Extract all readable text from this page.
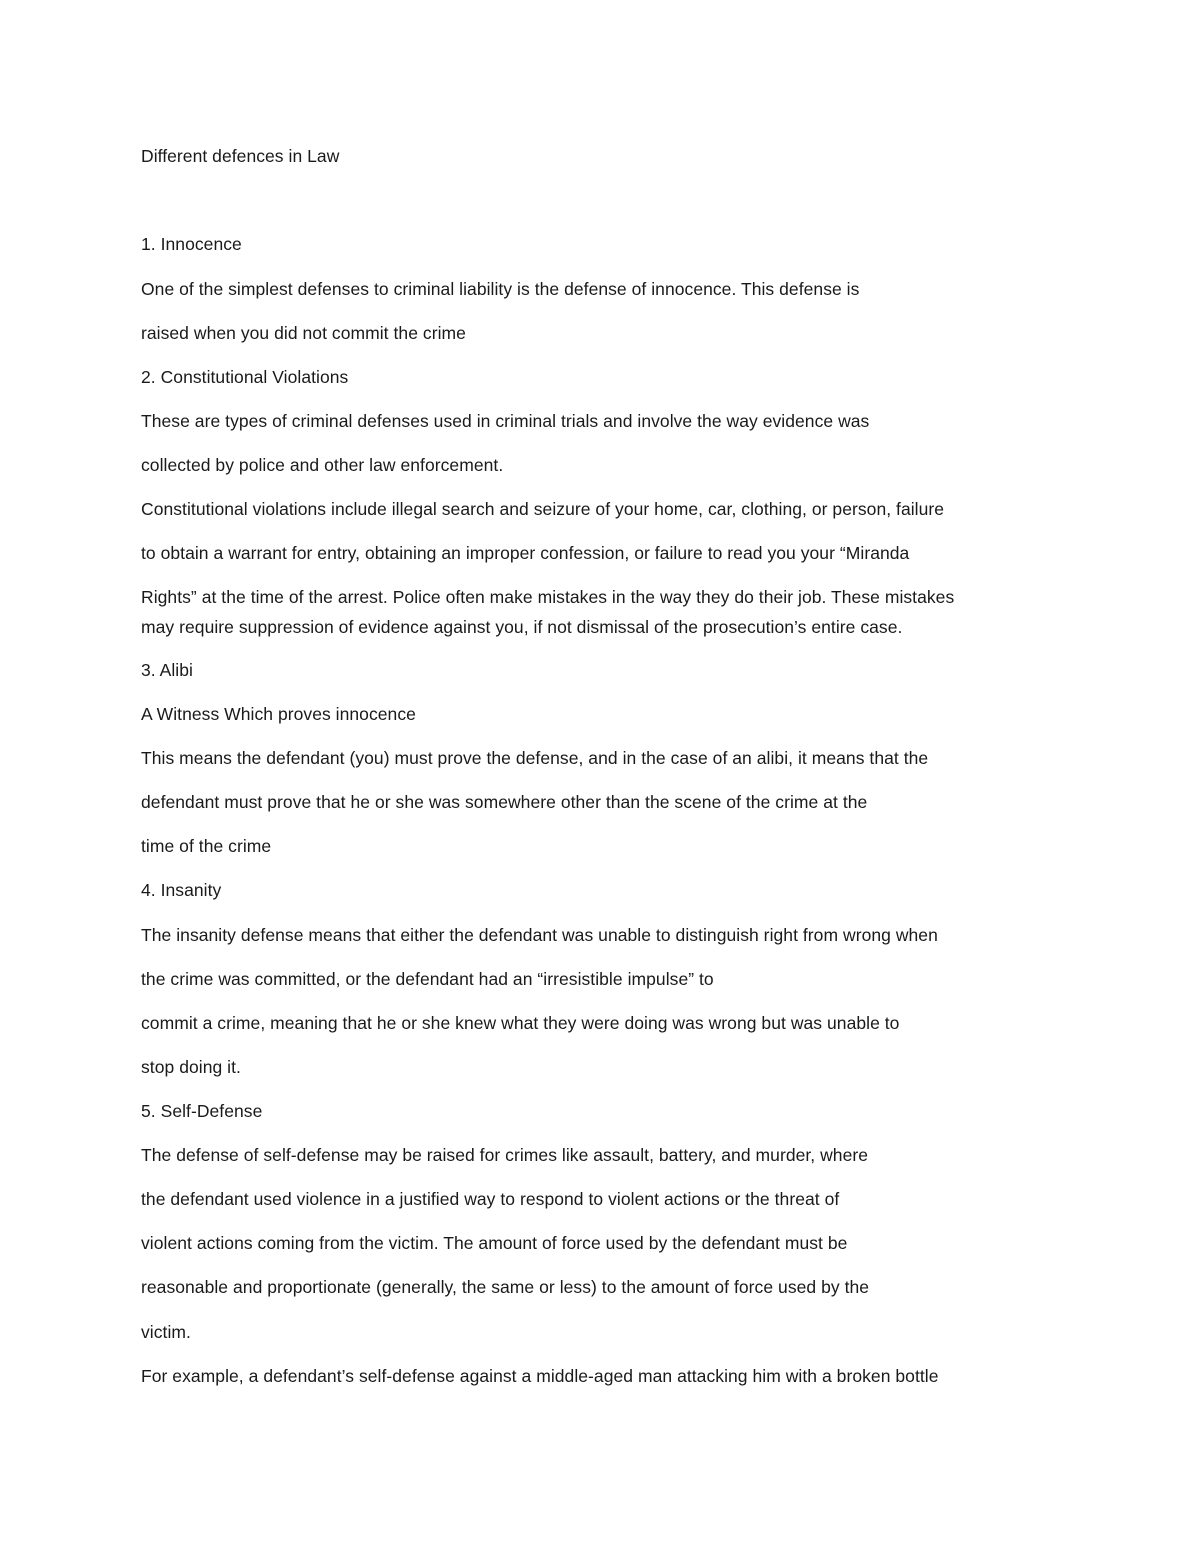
Different defences in Law
1. Innocence
One of the simplest defenses to criminal liability is the defense of innocence. This defense is
raised when you did not commit the crime
2. Constitutional Violations
These are types of criminal defenses used in criminal trials and involve the way evidence was
collected by police and other law enforcement.
Constitutional violations include illegal search and seizure of your home, car, clothing, or person, failure
to obtain a warrant for entry, obtaining an improper confession, or failure to read you your “Miranda
Rights” at the time of the arrest. Police often make mistakes in the way they do their job. These mistakes
may require suppression of evidence against you, if not dismissal of the prosecution’s entire case.
3. Alibi
A Witness Which proves innocence
This means the defendant (you) must prove the defense, and in the case of an alibi, it means that the
defendant must prove that he or she was somewhere other than the scene of the crime at the
time of the crime
4. Insanity
The insanity defense means that either the defendant was unable to distinguish right from wrong when
the crime was committed, or the defendant had an “irresistible impulse” to
commit a crime, meaning that he or she knew what they were doing was wrong but was unable to
stop doing it.
5. Self-Defense
The defense of self-defense may be raised for crimes like assault, battery, and murder, where
the defendant used violence in a justified way to respond to violent actions or the threat of
violent actions coming from the victim. The amount of force used by the defendant must be
reasonable and proportionate (generally, the same or less) to the amount of force used by the
victim.
For example, a defendant’s self-defense against a middle-aged man attacking him with a broken bottle
